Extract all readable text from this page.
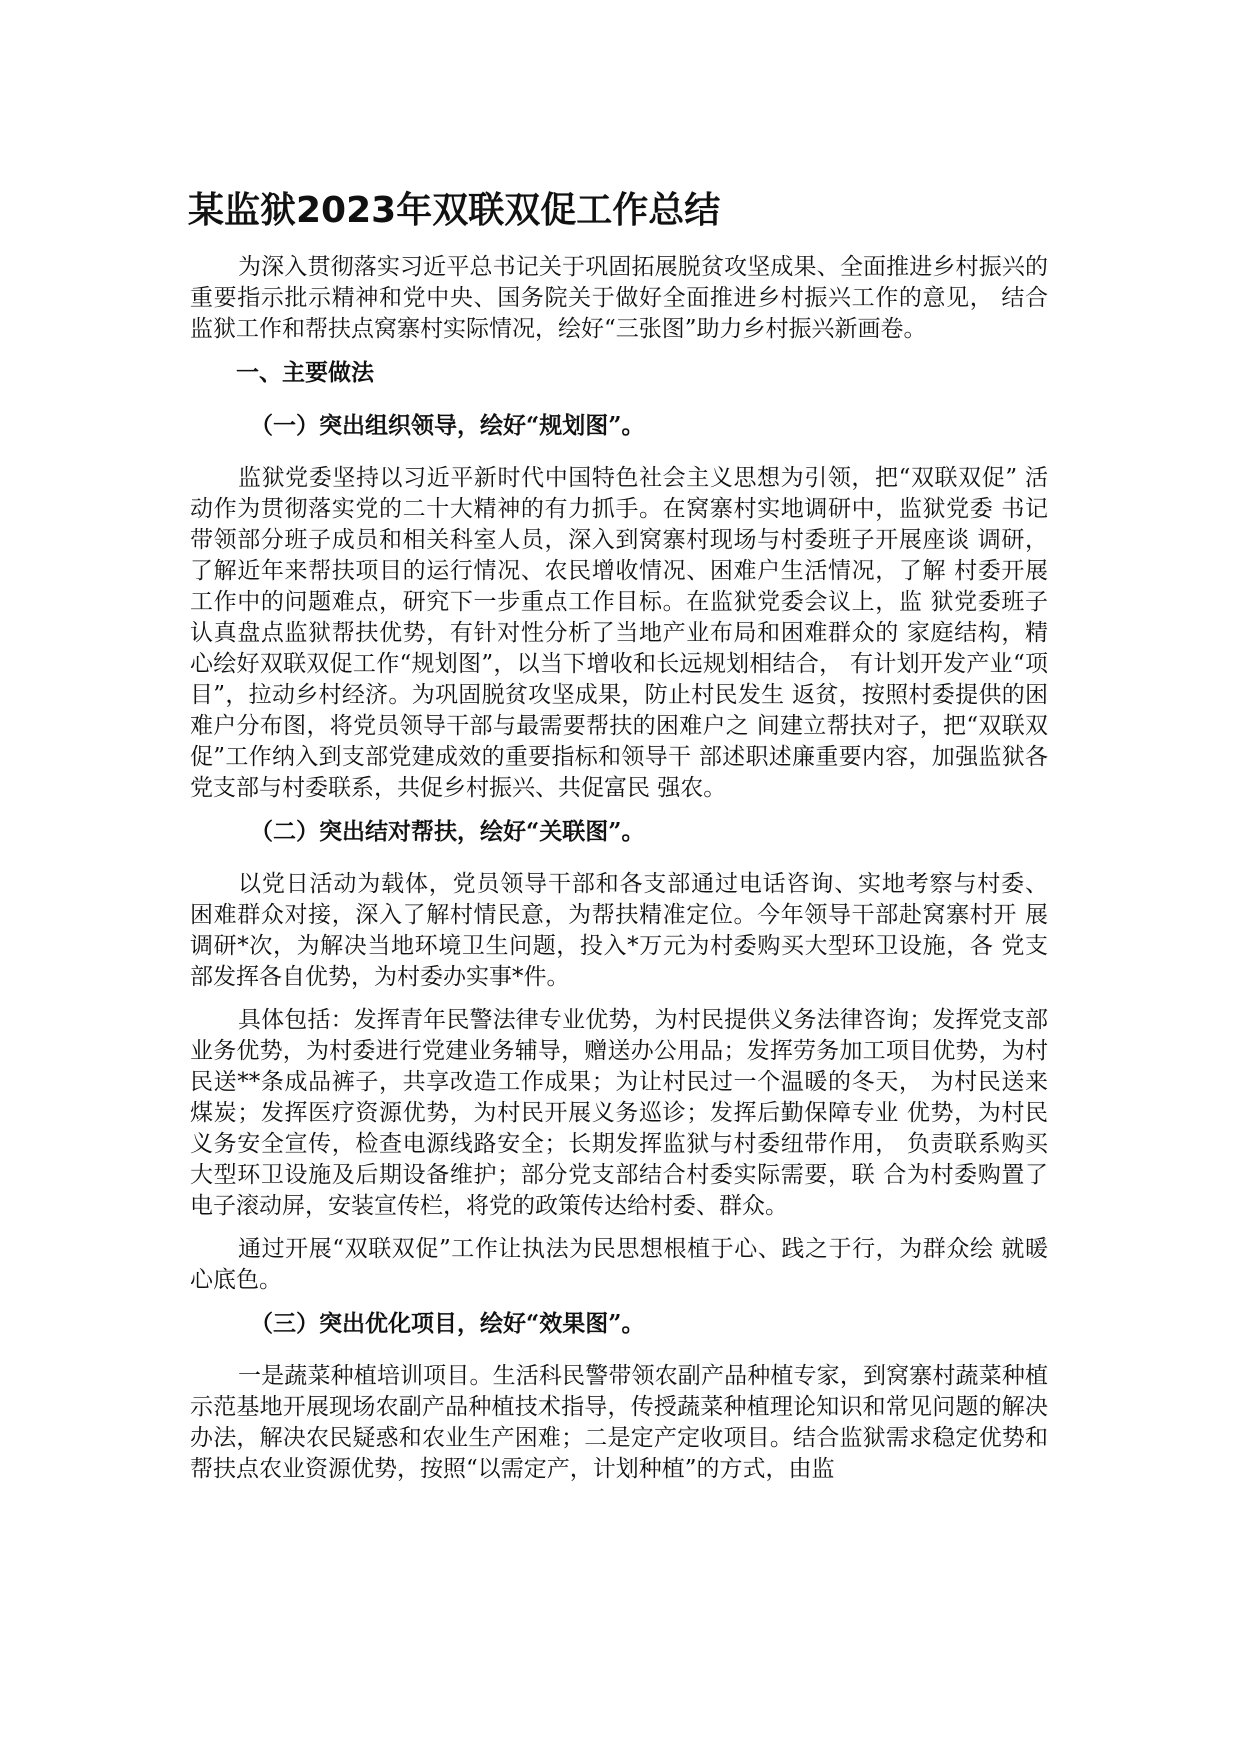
某监狱2023年双联双促工作总结

为深入贯彻落实习近平总书记关于巩固拓展脱贫攻坚成果、全面推进乡村振兴的重要指示批示精神和党中央、国务院关于做好全面推进乡村振兴工作的意见， 结合监狱工作和帮扶点窝寨村实际情况，绘好“三张图”助力乡村振兴新画卷。

一、主要做法

（一）突出组织领导，绘好“规划图”。

监狱党委坚持以习近平新时代中国特色社会主义思想为引领，把“双联双促” 活动作为贯彻落实党的二十大精神的有力抓手。在窝寨村实地调研中，监狱党委 书记带领部分班子成员和相关科室人员，深入到窝寨村现场与村委班子开展座谈 调研，了解近年来帮扶项目的运行情况、农民增收情况、困难户生活情况，了解 村委开展工作中的问题难点，研究下一步重点工作目标。在监狱党委会议上，监 狱党委班子认真盘点监狱帮扶优势，有针对性分析了当地产业布局和困难群众的 家庭结构，精心绘好双联双促工作“规划图”，以当下增收和长远规划相结合， 有计划开发产业“项目”，拉动乡村经济。为巩固脱贫攻坚成果，防止村民发生 返贫，按照村委提供的困难户分布图，将党员领导干部与最需要帮扶的困难户之 间建立帮扶对子，把“双联双促”工作纳入到支部党建成效的重要指标和领导干 部述职述廉重要内容，加强监狱各党支部与村委联系，共促乡村振兴、共促富民 强农。

（二）突出结对帮扶，绘好“关联图”。

以党日活动为载体，党员领导干部和各支部通过电话咨询、实地考察与村委、 困难群众对接，深入了解村情民意，为帮扶精准定位。今年领导干部赴窝寨村开 展调研*次，为解决当地环境卫生问题，投入*万元为村委购买大型环卫设施，各 党支部发挥各自优势，为村委办实事*件。

具体包括：发挥青年民警法律专业优势，为村民提供义务法律咨询；发挥党支部业务优势，为村委进行党建业务辅导，赠送办公用品；发挥劳务加工项目优势，为村民送**条成品裤子，共享改造工作成果；为让村民过一个温暖的冬天， 为村民送来煤炭；发挥医疗资源优势，为村民开展义务巡诊；发挥后勤保障专业 优势，为村民义务安全宣传，检查电源线路安全；长期发挥监狱与村委纽带作用， 负责联系购买大型环卫设施及后期设备维护；部分党支部结合村委实际需要，联 合为村委购置了电子滚动屏，安装宣传栏，将党的政策传达给村委、群众。

通过开展“双联双促”工作让执法为民思想根植于心、践之于行，为群众绘 就暖心底色。

（三）突出优化项目，绘好“效果图”。

一是蔬菜种植培训项目。生活科民警带领农副产品种植专家，到窝寨村蔬菜种植示范基地开展现场农副产品种植技术指导，传授蔬菜种植理论知识和常见问题的解决办法，解决农民疑惑和农业生产困难；二是定产定收项目。结合监狱需求稳定优势和帮扶点农业资源优势，按照“以需定产，计划种植”的方式，由监
